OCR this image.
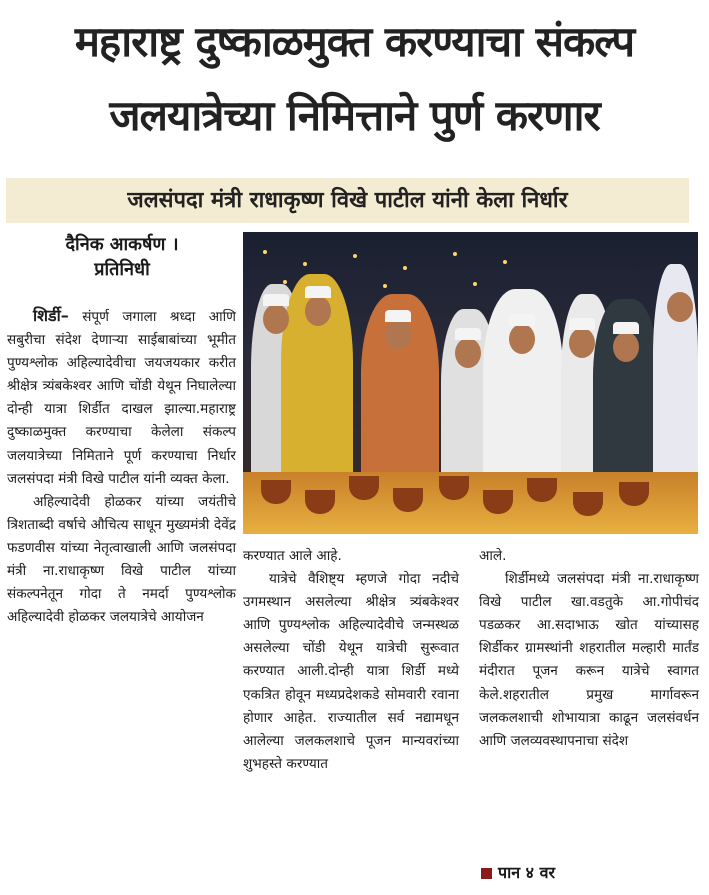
महाराष्ट्र दुष्काळमुक्त करण्याचा संकल्प
जलयात्रेच्या निमित्ताने पुर्ण करणार
जलसंपदा मंत्री राधाकृष्ण विखे पाटील यांनी केला निर्धार
दैनिक आकर्षण ।
प्रतिनिधी

शिर्डी– संपूर्ण जगाला श्रध्दा आणि सबुरीचा संदेश देणाऱ्या साईबाबांच्या भूमीत पुण्यश्लोक अहिल्यादेवीचा जयजयकार करीत श्रीक्षेत्र त्र्यंबकेश्वर आणि चोंडी येथून निघालेल्या दोन्ही यात्रा शिर्डीत दाखल झाल्या.महाराष्ट्र दुष्काळमुक्त करण्याचा केलेला संकल्प जलयात्रेच्या निमिताने पूर्ण करण्याचा निर्धार जलसंपदा मंत्री विखे पाटील यांनी व्यक्त केला.

अहिल्यादेवी होळकर यांच्या जयंतीचे त्रिशताब्दी वर्षाचे औचित्य साधून मुख्यमंत्री देवेंद्र फडणवीस यांच्या नेतृत्वाखाली आणि जलसंपदा मंत्री ना.राधाकृष्ण विखे पाटील यांच्या संकल्पनेतून गोदा ते नमर्दा पुण्यश्लोक अहिल्यादेवी होळकर जलयात्रेचे आयोजन

करण्यात आले आहे.

यात्रेचे वैशिष्ट्य म्हणजे गोदा नदीचे उगमस्थान असलेल्या श्रीक्षेत्र त्र्यंबकेश्वर आणि पुण्यश्लोक अहिल्यादेवीचे जन्मस्थळ असलेल्या चोंडी येथून यात्रेची सुरूवात करण्यात आली.दोन्ही यात्रा शिर्डी मध्ये एकत्रित होवून मध्यप्रदेशकडे सोमवारी रवाना होणार आहेत. राज्यातील सर्व नद्यामधून आलेल्या जलकलशाचे पूजन मान्यवरांच्या शुभहस्ते करण्यात

आले.

शिर्डीमध्ये जलसंपदा मंत्री ना.राधाकृष्ण विखे पाटील खा.वडतुके आ.गोपीचंद पडळकर आ.सदाभाऊ खोत यांच्यासह शिर्डीकर ग्रामस्थांनी शहरातील मल्हारी मार्तंड मंदीरात पूजन करून यात्रेचे स्वागत केले.शहरातील प्रमुख मार्गावरून जलकलशाची शोभायात्रा काढून जलसंवर्धन आणि जलव्यवस्थापनाचा संदेश

पान ४ वर
